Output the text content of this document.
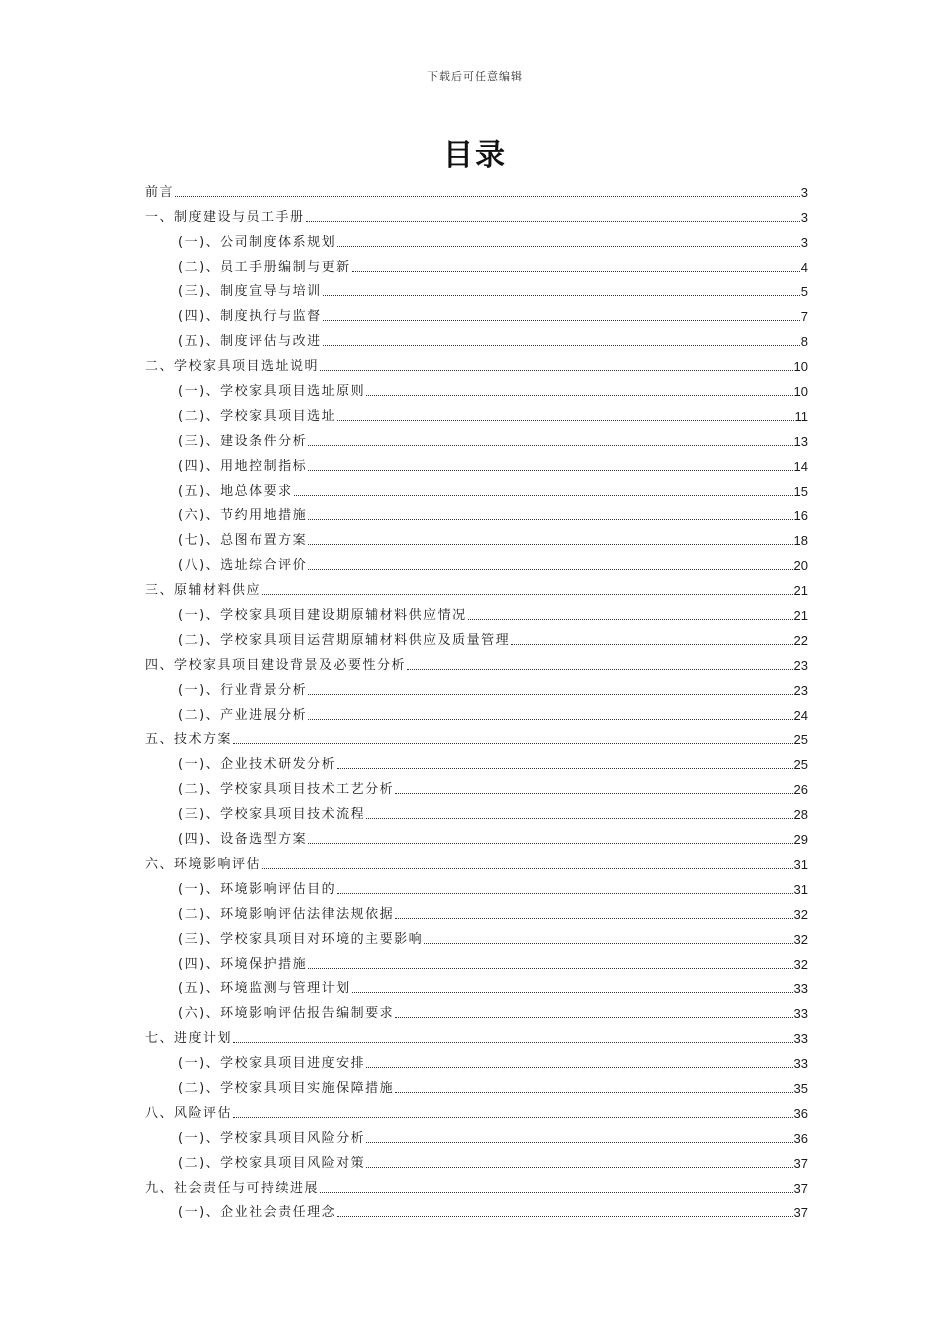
下载后可任意编辑
目录
前言	3
一、制度建设与员工手册	3
(一)、公司制度体系规划	3
(二)、员工手册编制与更新	4
(三)、制度宣导与培训	5
(四)、制度执行与监督	7
(五)、制度评估与改进	8
二、学校家具项目选址说明	10
(一)、学校家具项目选址原则	10
(二)、学校家具项目选址	11
(三)、建设条件分析	13
(四)、用地控制指标	14
(五)、地总体要求	15
(六)、节约用地措施	16
(七)、总图布置方案	18
(八)、选址综合评价	20
三、原辅材料供应	21
(一)、学校家具项目建设期原辅材料供应情况	21
(二)、学校家具项目运营期原辅材料供应及质量管理	22
四、学校家具项目建设背景及必要性分析	23
(一)、行业背景分析	23
(二)、产业进展分析	24
五、技术方案	25
(一)、企业技术研发分析	25
(二)、学校家具项目技术工艺分析	26
(三)、学校家具项目技术流程	28
(四)、设备选型方案	29
六、环境影响评估	31
(一)、环境影响评估目的	31
(二)、环境影响评估法律法规依据	32
(三)、学校家具项目对环境的主要影响	32
(四)、环境保护措施	32
(五)、环境监测与管理计划	33
(六)、环境影响评估报告编制要求	33
七、进度计划	33
(一)、学校家具项目进度安排	33
(二)、学校家具项目实施保障措施	35
八、风险评估	36
(一)、学校家具项目风险分析	36
(二)、学校家具项目风险对策	37
九、社会责任与可持续进展	37
(一)、企业社会责任理念	37
